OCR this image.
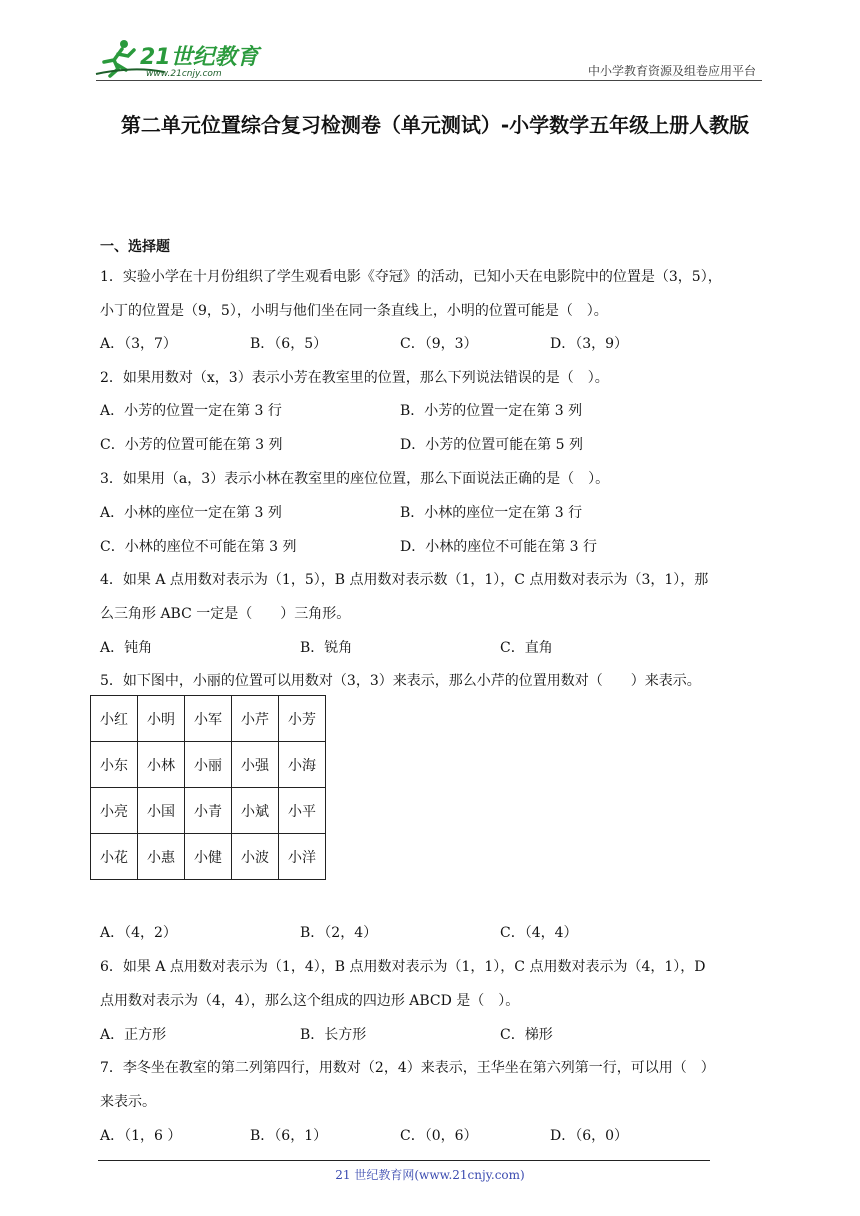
21世纪教育
www.21cnjy.com	中小学教育资源及组卷应用平台
第二单元位置综合复习检测卷（单元测试）-小学数学五年级上册人教版
一、选择题
1．实验小学在十月份组织了学生观看电影《夺冠》的活动，已知小天在电影院中的位置是（3，5），
小丁的位置是（9，5），小明与他们坐在同一条直线上，小明的位置可能是（　）。
A．（3，7）	B．（6，5）	C．（9，3）	D．（3，9）
2．如果用数对（x，3）表示小芳在教室里的位置，那么下列说法错误的是（　）。
A．小芳的位置一定在第 3 行	B．小芳的位置一定在第 3 列
C．小芳的位置可能在第 3 列	D．小芳的位置可能在第 5 列
3．如果用（a，3）表示小林在教室里的座位位置，那么下面说法正确的是（　）。
A．小林的座位一定在第 3 列	B．小林的座位一定在第 3 行
C．小林的座位不可能在第 3 列	D．小林的座位不可能在第 3 行
4．如果 A 点用数对表示为（1，5），B 点用数对表示数（1，1），C 点用数对表示为（3，1），那
么三角形 ABC 一定是（　　）三角形。
A．钝角	B．锐角	C．直角
5．如下图中，小丽的位置可以用数对（3，3）来表示，那么小芹的位置用数对（　　）来表示。
小红	小明	小军	小芹	小芳
小东	小林	小丽	小强	小海
小亮	小国	小青	小斌	小平
小花	小惠	小健	小波	小洋
A．（4，2）	B．（2，4）	C．（4，4）
6．如果 A 点用数对表示为（1，4），B 点用数对表示为（1，1），C 点用数对表示为（4，1），D
点用数对表示为（4，4），那么这个组成的四边形 ABCD 是（　）。
A．正方形	B．长方形	C．梯形
7．李冬坐在教室的第二列第四行，用数对（2，4）来表示，王华坐在第六列第一行，可以用（　）
来表示。
A．（1，6 ）	B．（6，1）	C．（0，6）	D．（6，0）
21 世纪教育网(www.21cnjy.com)
